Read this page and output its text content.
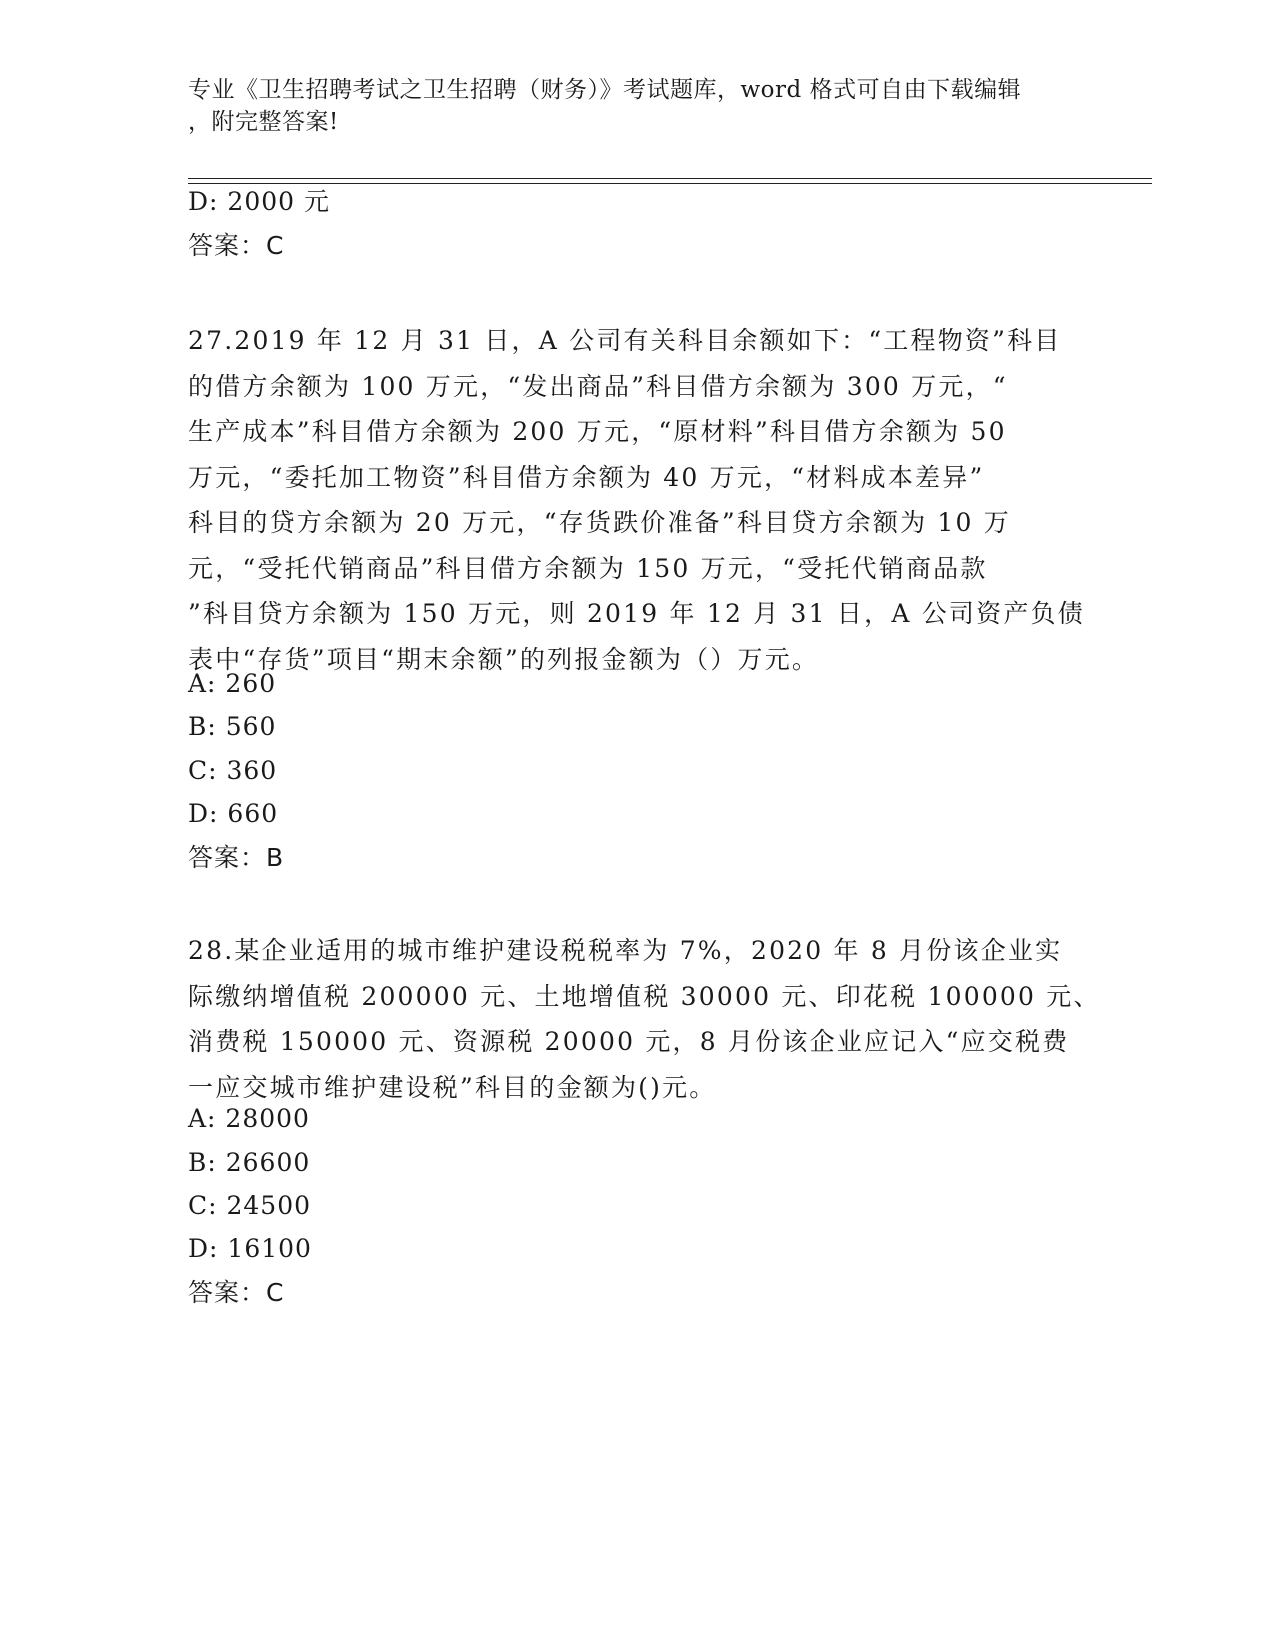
专业《卫生招聘考试之卫生招聘（财务）》考试题库，word 格式可自由下载编辑
，附完整答案!
D: 2000 元
答案：C
27.2019 年 12 月 31 日，A 公司有关科目余额如下：“工程物资”科目
的借方余额为 100 万元，“发出商品”科目借方余额为 300 万元，“
生产成本”科目借方余额为 200 万元，“原材料”科目借方余额为 50
万元，“委托加工物资”科目借方余额为 40 万元，“材料成本差异”
科目的贷方余额为 20 万元，“存货跌价准备”科目贷方余额为 10 万
元，“受托代销商品”科目借方余额为 150 万元，“受托代销商品款
”科目贷方余额为 150 万元，则 2019 年 12 月 31 日，A 公司资产负债
表中“存货”项目“期末余额”的列报金额为（）万元。
A: 260
B: 560
C: 360
D: 660
答案：B
28.某企业适用的城市维护建设税税率为 7%，2020 年 8 月份该企业实
际缴纳增值税 200000 元、土地增值税 30000 元、印花税 100000 元、
消费税 150000 元、资源税 20000 元，8 月份该企业应记入“应交税费
一应交城市维护建设税”科目的金额为()元。
A: 28000
B: 26600
C: 24500
D: 16100
答案：C
